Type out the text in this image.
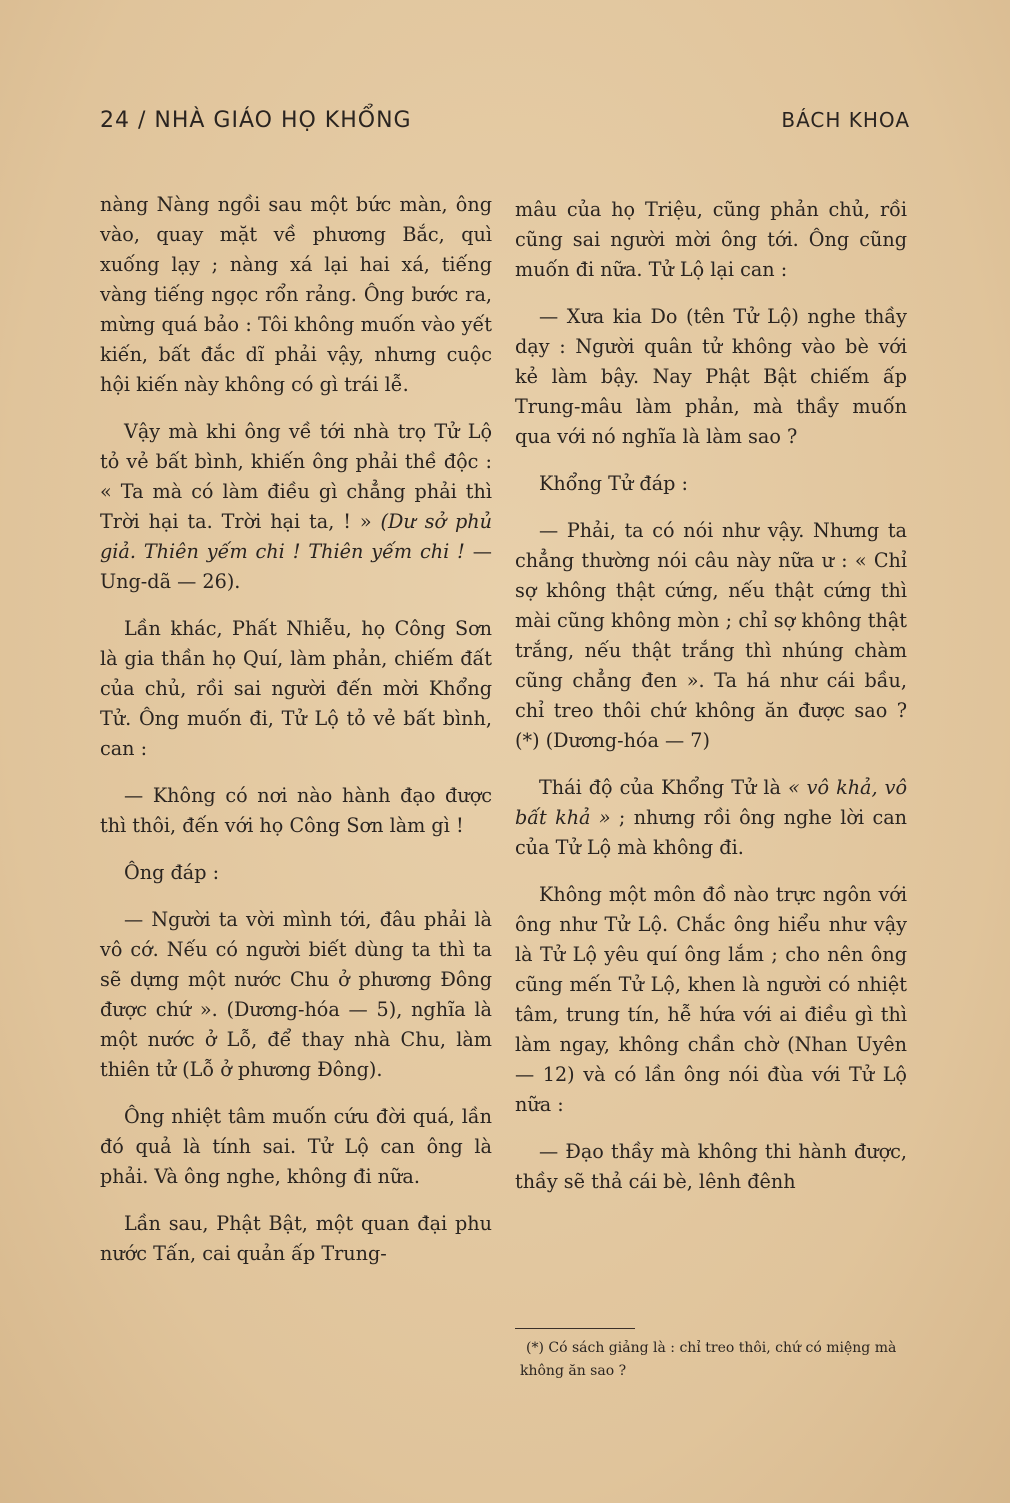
24 / NHÀ GIÁO HỌ KHỔNG	BÁCH KHOA

nàng Nàng ngồi sau một bức màn, ông vào, quay mặt về phương Bắc, quì xuống lạy ; nàng xá lại hai xá, tiếng vàng tiếng ngọc rổn rảng. Ông bước ra, mừng quá bảo : Tôi không muốn vào yết kiến, bất đắc dĩ phải vậy, nhưng cuộc hội kiến này không có gì trái lễ.

Vậy mà khi ông về tới nhà trọ Tử Lộ tỏ vẻ bất bình, khiến ông phải thề độc : « Ta mà có làm điều gì chẳng phải thì Trời hại ta. Trời hại ta, ! » (Dư sở phủ giả. Thiên yếm chi ! Thiên yếm chi ! — Ung-dã — 26).

Lần khác, Phất Nhiễu, họ Công Sơn là gia thần họ Quí, làm phản, chiếm đất của chủ, rồi sai người đến mời Khổng Tử. Ông muốn đi, Tử Lộ tỏ vẻ bất bình, can :

— Không có nơi nào hành đạo được thì thôi, đến với họ Công Sơn làm gì !

Ông đáp :

— Người ta vời mình tới, đâu phải là vô cớ. Nếu có người biết dùng ta thì ta sẽ dựng một nước Chu ở phương Đông được chứ ». (Dương-hóa — 5), nghĩa là một nước ở Lỗ, để thay nhà Chu, làm thiên tử (Lỗ ở phương Đông).

Ông nhiệt tâm muốn cứu đời quá, lần đó quả là tính sai. Tử Lộ can ông là phải. Và ông nghe, không đi nữa.

Lần sau, Phật Bật, một quan đại phu nước Tấn, cai quản ấp Trung-

mâu của họ Triệu, cũng phản chủ, rồi cũng sai người mời ông tới. Ông cũng muốn đi nữa. Tử Lộ lại can :

— Xưa kia Do (tên Tử Lộ) nghe thầy dạy : Người quân tử không vào bè với kẻ làm bậy. Nay Phật Bật chiếm ấp Trung-mâu làm phản, mà thầy muốn qua với nó nghĩa là làm sao ?

Khổng Tử đáp :

— Phải, ta có nói như vậy. Nhưng ta chẳng thường nói câu này nữa ư : « Chỉ sợ không thật cứng, nếu thật cứng thì mài cũng không mòn ; chỉ sợ không thật trắng, nếu thật trắng thì nhúng chàm cũng chẳng đen ». Ta há như cái bầu, chỉ treo thôi chứ không ăn được sao ? (*) (Dương-hóa — 7)

Thái độ của Khổng Tử là « vô khả, vô bất khả » ; nhưng rồi ông nghe lời can của Tử Lộ mà không đi.

Không một môn đồ nào trực ngôn với ông như Tử Lộ. Chắc ông hiểu như vậy là Tử Lộ yêu quí ông lắm ; cho nên ông cũng mến Tử Lộ, khen là người có nhiệt tâm, trung tín, hễ hứa với ai điều gì thì làm ngay, không chần chờ (Nhan Uyên — 12) và có lần ông nói đùa với Tử Lộ nữa :

— Đạo thầy mà không thi hành được, thầy sẽ thả cái bè, lênh đênh

(*) Có sách giảng là : chỉ treo thôi, chứ có miệng mà không ăn sao ?
